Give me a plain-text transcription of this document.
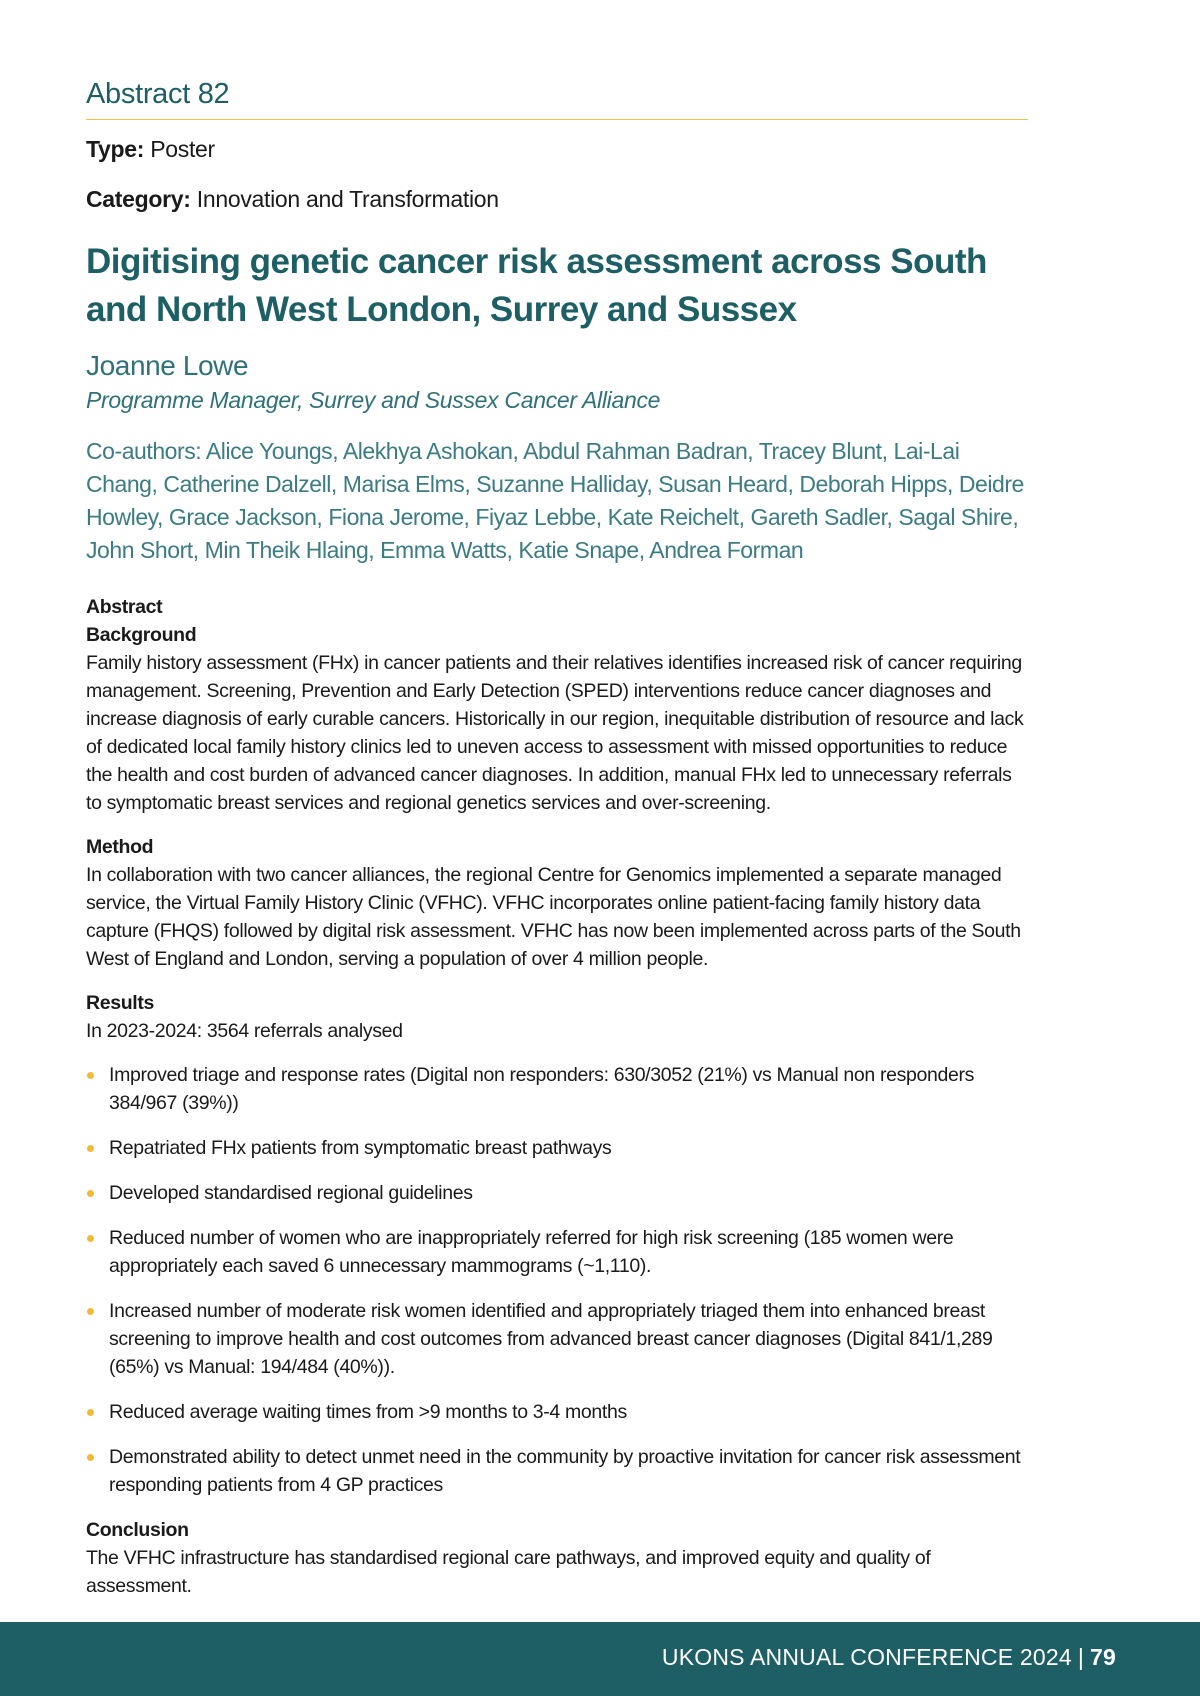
Abstract 82
Type: Poster
Category: Innovation and Transformation
Digitising genetic cancer risk assessment across South and North West London, Surrey and Sussex
Joanne Lowe
Programme Manager, Surrey and Sussex Cancer Alliance
Co-authors: Alice Youngs, Alekhya Ashokan, Abdul Rahman Badran, Tracey Blunt, Lai-Lai Chang, Catherine Dalzell, Marisa Elms, Suzanne Halliday, Susan Heard, Deborah Hipps, Deidre Howley, Grace Jackson, Fiona Jerome, Fiyaz Lebbe, Kate Reichelt, Gareth Sadler, Sagal Shire, John Short, Min Theik Hlaing, Emma Watts, Katie Snape, Andrea Forman
Abstract
Background

Family history assessment (FHx) in cancer patients and their relatives identifies increased risk of cancer requiring management. Screening, Prevention and Early Detection (SPED) interventions reduce cancer diagnoses and increase diagnosis of early curable cancers. Historically in our region, inequitable distribution of resource and lack of dedicated local family history clinics led to uneven access to assessment with missed opportunities to reduce the health and cost burden of advanced cancer diagnoses. In addition, manual FHx led to unnecessary referrals to symptomatic breast services and regional genetics services and over-screening.

Method

In collaboration with two cancer alliances, the regional Centre for Genomics implemented a separate managed service, the Virtual Family History Clinic (VFHC). VFHC incorporates online patient-facing family history data capture (FHQS) followed by digital risk assessment. VFHC has now been implemented across parts of the South West of England and London, serving a population of over 4 million people.

Results

In 2023-2024: 3564 referrals analysed

Improved triage and response rates (Digital non responders: 630/3052 (21%) vs Manual non responders 384/967 (39%))
Repatriated FHx patients from symptomatic breast pathways
Developed standardised regional guidelines
Reduced number of women who are inappropriately referred for high risk screening (185 women were appropriately each saved 6 unnecessary mammograms (~1,110).
Increased number of moderate risk women identified and appropriately triaged them into enhanced breast screening to improve health and cost outcomes from advanced breast cancer diagnoses (Digital 841/1,289 (65%) vs Manual: 194/484 (40%)).
Reduced average waiting times from >9 months to 3-4 months
Demonstrated ability to detect unmet need in the community by proactive invitation for cancer risk assessment responding patients from 4 GP practices
Conclusion

The VFHC infrastructure has standardised regional care pathways, and improved equity and quality of assessment.

UKONS ANNUAL CONFERENCE 2024 | 79
